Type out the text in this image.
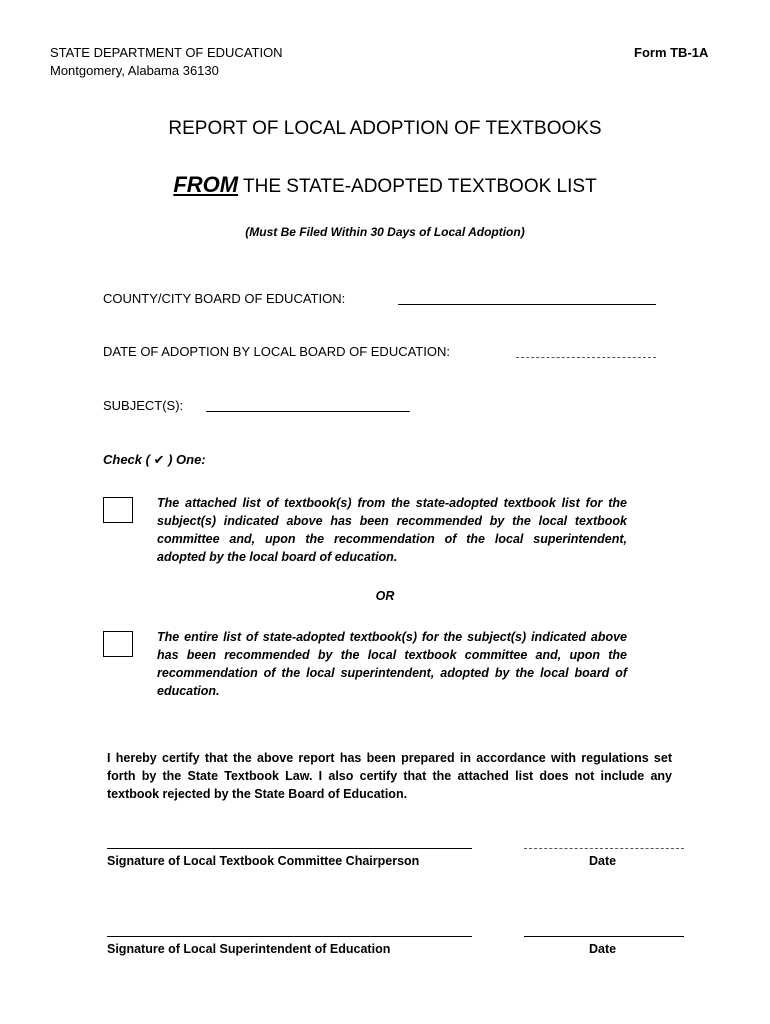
STATE DEPARTMENT OF EDUCATION
Montgomery, Alabama 36130
Form TB-1A
REPORT OF LOCAL ADOPTION OF TEXTBOOKS
FROM THE STATE-ADOPTED TEXTBOOK LIST
(Must Be Filed Within 30 Days of Local Adoption)
COUNTY/CITY BOARD OF EDUCATION:
DATE OF ADOPTION BY LOCAL BOARD OF EDUCATION:
SUBJECT(S):
Check ( ✔ ) One:
The attached list of textbook(s) from the state-adopted textbook list for the subject(s) indicated above has been recommended by the local textbook committee and, upon the recommendation of the local superintendent, adopted by the local board of education.
OR
The entire list of state-adopted textbook(s) for the subject(s) indicated above has been recommended by the local textbook committee and, upon the recommendation of the local superintendent, adopted by the local board of education.
I hereby certify that the above report has been prepared in accordance with regulations set forth by the State Textbook Law. I also certify that the attached list does not include any textbook rejected by the State Board of Education.
Signature of Local Textbook Committee Chairperson	Date
Signature of Local Superintendent of Education	Date
